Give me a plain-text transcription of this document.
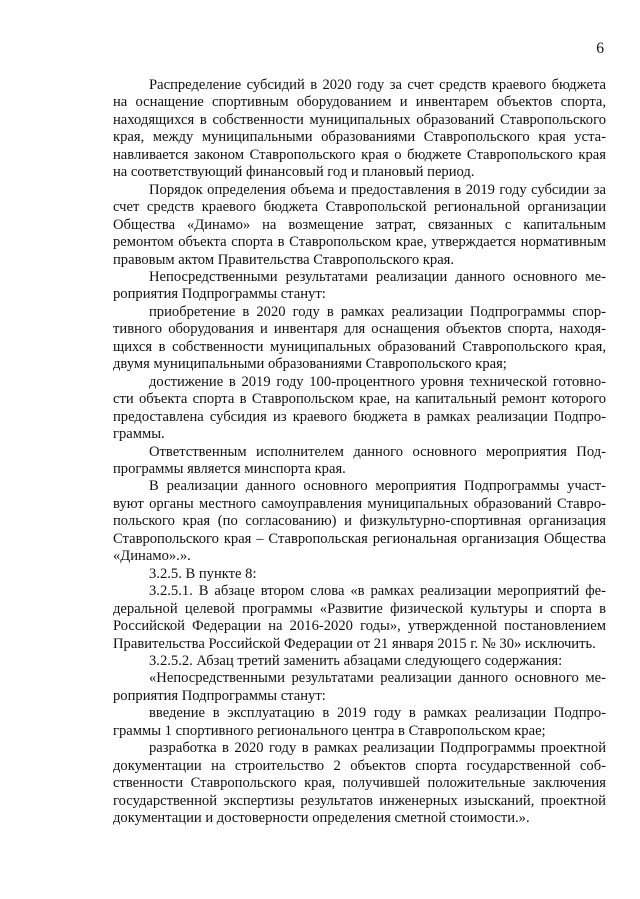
6

Распределение субсидий в 2020 году за счет средств краевого бюджета на оснащение спортивным оборудованием и инвентарем объектов спорта, находящихся в собственности муниципальных образований Ставропольского края, между муниципальными образованиями Ставропольского края устанавливается законом Ставропольского края о бюджете Ставропольского края на соответствующий финансовый год и плановый период.

Порядок определения объема и предоставления в 2019 году субсидии за счет средств краевого бюджета Ставропольской региональной организации Общества «Динамо» на возмещение затрат, связанных с капитальным ремонтом объекта спорта в Ставропольском крае, утверждается нормативным правовым актом Правительства Ставропольского края.

Непосредственными результатами реализации данного основного мероприятия Подпрограммы станут:

приобретение в 2020 году в рамках реализации Подпрограммы спортивного оборудования и инвентаря для оснащения объектов спорта, находящихся в собственности муниципальных образований Ставропольского края, двумя муниципальными образованиями Ставропольского края;

достижение в 2019 году 100-процентного уровня технической готовности объекта спорта в Ставропольском крае, на капитальный ремонт которого предоставлена субсидия из краевого бюджета в рамках реализации Подпрограммы.

Ответственным исполнителем данного основного мероприятия Подпрограммы является минспорта края.

В реализации данного основного мероприятия Подпрограммы участвуют органы местного самоуправления муниципальных образований Ставропольского края (по согласованию) и физкультурно-спортивная организация Ставропольского края – Ставропольская региональная организация Общества «Динамо».».

3.2.5. В пункте 8:

3.2.5.1. В абзаце втором слова «в рамках реализации мероприятий федеральной целевой программы «Развитие физической культуры и спорта в Российской Федерации на 2016-2020 годы», утвержденной постановлением Правительства Российской Федерации от 21 января 2015 г. № 30» исключить.

3.2.5.2. Абзац третий заменить абзацами следующего содержания:

«Непосредственными результатами реализации данного основного мероприятия Подпрограммы станут:

введение в эксплуатацию в 2019 году в рамках реализации Подпрограммы 1 спортивного регионального центра в Ставропольском крае;

разработка в 2020 году в рамках реализации Подпрограммы проектной документации на строительство 2 объектов спорта государственной собственности Ставропольского края, получившей положительные заключения государственной экспертизы результатов инженерных изысканий, проектной документации и достоверности определения сметной стоимости.».
